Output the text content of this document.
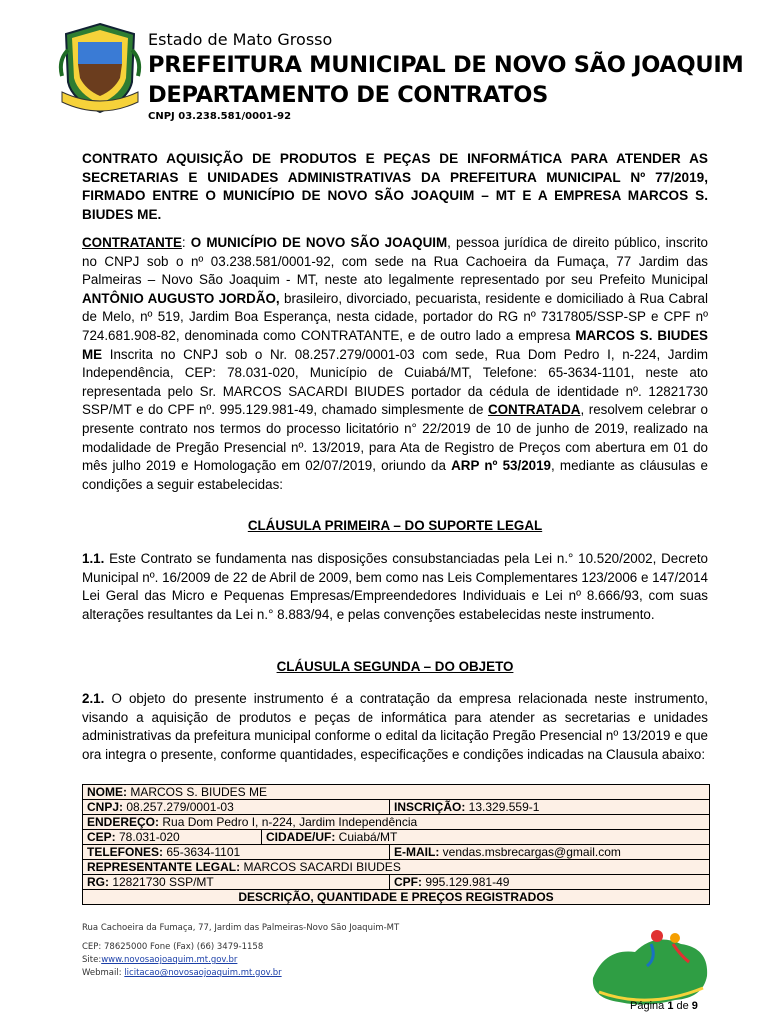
Estado de Mato Grosso
PREFEITURA MUNICIPAL DE NOVO SÃO JOAQUIM
DEPARTAMENTO DE CONTRATOS
CNPJ 03.238.581/0001-92
CONTRATO AQUISIÇÃO DE PRODUTOS E PEÇAS DE INFORMÁTICA PARA ATENDER AS SECRETARIAS E UNIDADES ADMINISTRATIVAS DA PREFEITURA MUNICIPAL Nº 77/2019, FIRMADO ENTRE O MUNICÍPIO DE NOVO SÃO JOAQUIM – MT E A EMPRESA MARCOS S. BIUDES ME.
CONTRATANTE: O MUNICÍPIO DE NOVO SÃO JOAQUIM, pessoa jurídica de direito público, inscrito no CNPJ sob o nº 03.238.581/0001-92, com sede na Rua Cachoeira da Fumaça, 77 Jardim das Palmeiras – Novo São Joaquim - MT, neste ato legalmente representado por seu Prefeito Municipal ANTÔNIO AUGUSTO JORDÃO, brasileiro, divorciado, pecuarista, residente e domiciliado à Rua Cabral de Melo, nº 519, Jardim Boa Esperança, nesta cidade, portador do RG nº 7317805/SSP-SP e CPF nº 724.681.908-82, denominada como CONTRATANTE, e de outro lado a empresa MARCOS S. BIUDES ME Inscrita no CNPJ sob o Nr. 08.257.279/0001-03 com sede, Rua Dom Pedro I, n-224, Jardim Independência, CEP: 78.031-020, Município de Cuiabá/MT, Telefone: 65-3634-1101, neste ato representada pelo Sr. MARCOS SACARDI BIUDES portador da cédula de identidade nº. 12821730 SSP/MT e do CPF nº. 995.129.981-49, chamado simplesmente de CONTRATADA, resolvem celebrar o presente contrato nos termos do processo licitatório n° 22/2019 de 10 de junho de 2019, realizado na modalidade de Pregão Presencial nº. 13/2019, para Ata de Registro de Preços com abertura em 01 do mês julho 2019 e Homologação em 02/07/2019, oriundo da ARP nº 53/2019, mediante as cláusulas e condições a seguir estabelecidas:
CLÁUSULA PRIMEIRA – DO SUPORTE LEGAL
1.1. Este Contrato se fundamenta nas disposições consubstanciadas pela Lei n.° 10.520/2002, Decreto Municipal nº. 16/2009 de 22 de Abril de 2009, bem como nas Leis Complementares 123/2006 e 147/2014 Lei Geral das Micro e Pequenas Empresas/Empreendedores Individuais e Lei nº 8.666/93, com suas alterações resultantes da Lei n.° 8.883/94, e pelas convenções estabelecidas neste instrumento.
CLÁUSULA SEGUNDA – DO OBJETO
2.1. O objeto do presente instrumento é a contratação da empresa relacionada neste instrumento, visando a aquisição de produtos e peças de informática para atender as secretarias e unidades administrativas da prefeitura municipal conforme o edital da licitação Pregão Presencial nº 13/2019 e que ora integra o presente, conforme quantidades, especificações e condições indicadas na Clausula abaixo:
NOME: MARCOS S. BIUDES ME
CNPJ: 08.257.279/0001-03	INSCRIÇÃO: 13.329.559-1
ENDEREÇO: Rua Dom Pedro I, n-224, Jardim Independência
CEP: 78.031-020	CIDADE/UF: Cuiabá/MT
TELEFONES: 65-3634-1101	E-MAIL: vendas.msbrecargas@gmail.com
REPRESENTANTE LEGAL: MARCOS SACARDI BIUDES
RG: 12821730 SSP/MT	CPF: 995.129.981-49
DESCRIÇÃO, QUANTIDADE E PREÇOS REGISTRADOS
Rua Cachoeira da Fumaça, 77, Jardim das Palmeiras-Novo São Joaquim-MT
CEP: 78625000 Fone (Fax) (66) 3479-1158
Site:www.novosaojoaquim.mt.gov.br
Webmail: licitacao@novosaojoaquim.mt.gov.br
Página 1 de 9
